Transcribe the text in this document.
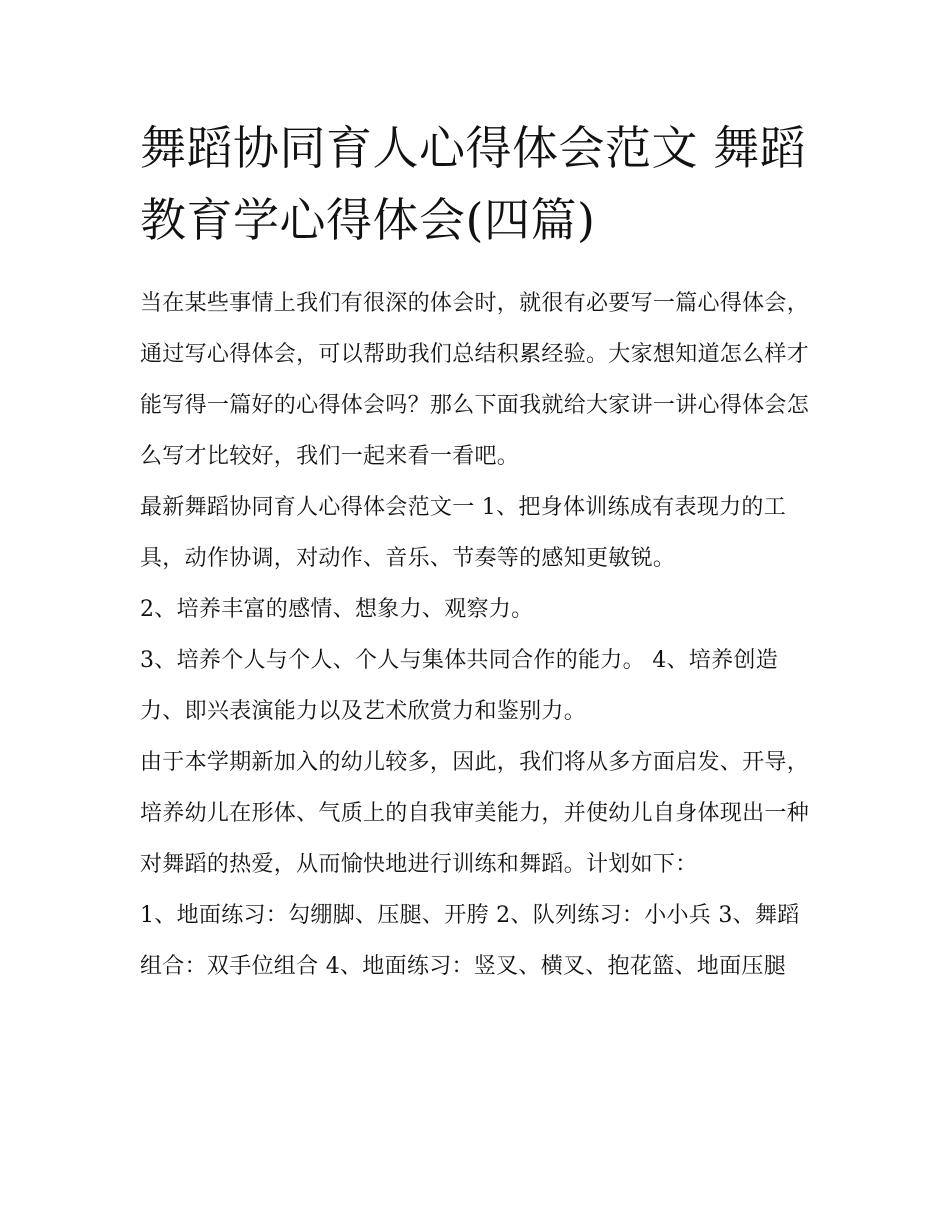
舞蹈协同育人心得体会范文 舞蹈教育学心得体会(四篇)

当在某些事情上我们有很深的体会时，就很有必要写一篇心得体会，通过写心得体会，可以帮助我们总结积累经验。大家想知道怎么样才能写得一篇好的心得体会吗？那么下面我就给大家讲一讲心得体会怎么写才比较好，我们一起来看一看吧。

最新舞蹈协同育人心得体会范文一 1、把身体训练成有表现力的工具，动作协调，对动作、音乐、节奏等的感知更敏锐。

2、培养丰富的感情、想象力、观察力。

3、培养个人与个人、个人与集体共同合作的能力。 4、培养创造力、即兴表演能力以及艺术欣赏力和鉴别力。

由于本学期新加入的幼儿较多，因此，我们将从多方面启发、开导，培养幼儿在形体、气质上的自我审美能力，并使幼儿自身体现出一种对舞蹈的热爱，从而愉快地进行训练和舞蹈。计划如下：

1、地面练习：勾绷脚、压腿、开胯 2、队列练习：小小兵 3、舞蹈组合：双手位组合 4、地面练习：竖叉、横叉、抱花篮、地面压腿
